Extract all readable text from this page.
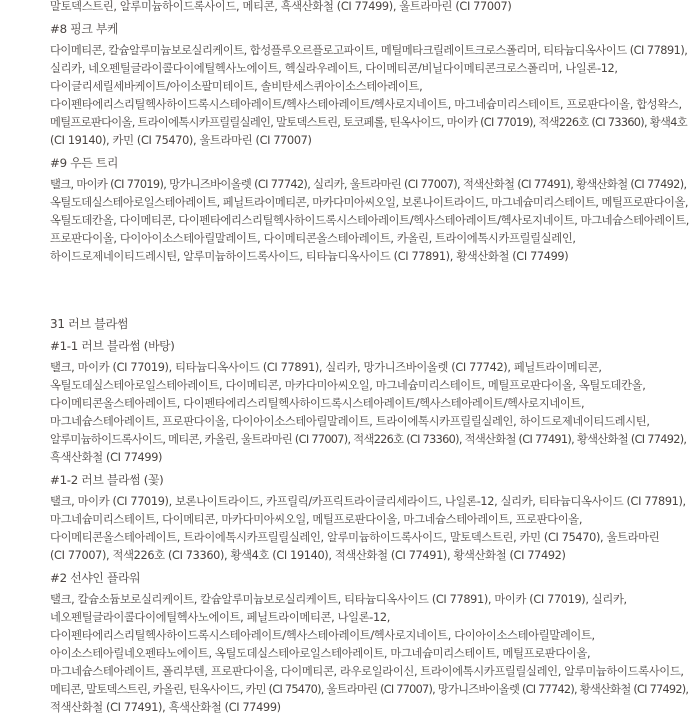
말토덱스트린, 알루미늄하이드록사이드, 메티콘, 흑색산화철 (CI 77499), 울트라마린 (CI 77007)
#8 핑크 부케
다이메티콘, 칼슘알루미늄보로실리케이트, 합성플루오르플로고파이트, 메틸메타크릴레이트크로스폴리머, 티타늄디옥사이드 (CI 77891),
실리카, 네오펜틸글라이콜다이에틸헥사노에이트, 헥실라우레이트, 다이메티콘/비닐다이메티콘크로스폴리머, 나일론-12,
다이글리세릴세바케이트/아이소팔미테이트, 솔비탄세스퀴아이소스테아레이트,
다이펜타에리스리틸헥사하이드록시스테아레이트/헥사스테아레이트/헥사로지네이트, 마그네슘미리스테이트, 프로판다이올, 합성왁스,
메틸프로판다이올, 트라이에톡시카프릴릴실레인, 말토덱스트린, 토코페롤, 틴옥사이드, 마이카 (CI 77019), 적색226호 (CI 73360), 황색4호
(CI 19140), 카민 (CI 75470), 울트라마린 (CI 77007)
#9 우든 트리
탤크, 마이카 (CI 77019), 망가니즈바이올렛 (CI 77742), 실리카, 울트라마린 (CI 77007), 적색산화철 (CI 77491), 황색산화철 (CI 77492),
옥틸도데실스테아로일스테아레이트, 페닐트라이메티콘, 마카다미아씨오일, 보론나이트라이드, 마그네슘미리스테이트, 메틸프로판다이올,
옥틸도데칸올, 다이메티콘, 다이펜타에리스리틸헥사하이드록시스테아레이트/헥사스테아레이트/헥사로지네이트, 마그네슘스테아레이트,
프로판다이올, 다이아이소스테아릴말레이트, 다이메티콘올스테아레이트, 카올린, 트라이에톡시카프릴릴실레인,
하이드로제네이티드레시틴, 알루미늄하이드록사이드, 티타늄디옥사이드 (CI 77891), 황색산화철 (CI 77499)
31 러브 블라썸
#1-1 러브 블라썸 (바탕)
탤크, 마이카 (CI 77019), 티타늄디옥사이드 (CI 77891), 실리카, 망가니즈바이올렛 (CI 77742), 페닐트라이메티콘,
옥틸도데실스테아로일스테아레이트, 다이메티콘, 마카다미아씨오일, 마그네슘미리스테이트, 메틸프로판다이올, 옥틸도데칸올,
다이메티콘올스테아레이트, 다이펜타에리스리틸헥사하이드록시스테아레이트/헥사스테아레이트/헥사로지네이트,
마그네슘스테아레이트, 프로판다이올, 다이아이소스테아릴말레이트, 트라이에톡시카프릴릴실레인, 하이드로제네이티드레시틴,
알루미늄하이드록사이드, 메티콘, 카올린, 울트라마린 (CI 77007), 적색226호 (CI 73360), 적색산화철 (CI 77491), 황색산화철 (CI 77492),
흑색산화철 (CI 77499)
#1-2 러브 블라썸 (꽃)
탤크, 마이카 (CI 77019), 보론나이트라이드, 카프릴릭/카프릭트라이글리세라이드, 나일론-12, 실리카, 티타늄디옥사이드 (CI 77891),
마그네슘미리스테이트, 다이메티콘, 마카다미아씨오일, 메틸프로판다이올, 마그네슘스테아레이트, 프로판다이올,
다이메티콘올스테아레이트, 트라이에톡시카프릴릴실레인, 알루미늄하이드록사이드, 말토덱스트린, 카민 (CI 75470), 울트라마린
(CI 77007), 적색226호 (CI 73360), 황색4호 (CI 19140), 적색산화철 (CI 77491), 황색산화철 (CI 77492)
#2 선샤인 플라워
탤크, 칼슘소듐보로실리케이트, 칼슘알루미늄보로실리케이트, 티타늄디옥사이드 (CI 77891), 마이카 (CI 77019), 실리카,
네오펜틸글라이콜다이에틸헥사노에이트, 페닐트라이메티콘, 나일론-12,
다이펜타에리스리틸헥사하이드록시스테아레이트/헥사스테아레이트/헥사로지네이트, 다이아이소스테아릴말레이트,
아이소스테아릴네오펜타노에이트, 옥틸도데실스테아로일스테아레이트, 마그네슘미리스테이트, 메틸프로판다이올,
마그네슘스테아레이트, 폴리부텐, 프로판다이올, 다이메티콘, 라우로일라이신, 트라이에톡시카프릴릴실레인, 알루미늄하이드록사이드,
메티콘, 말토덱스트린, 카올린, 틴옥사이드, 카민 (CI 75470), 울트라마린 (CI 77007), 망가니즈바이올렛 (CI 77742), 황색산화철 (CI 77492),
적색산화철 (CI 77491), 흑색산화철 (CI 77499)
